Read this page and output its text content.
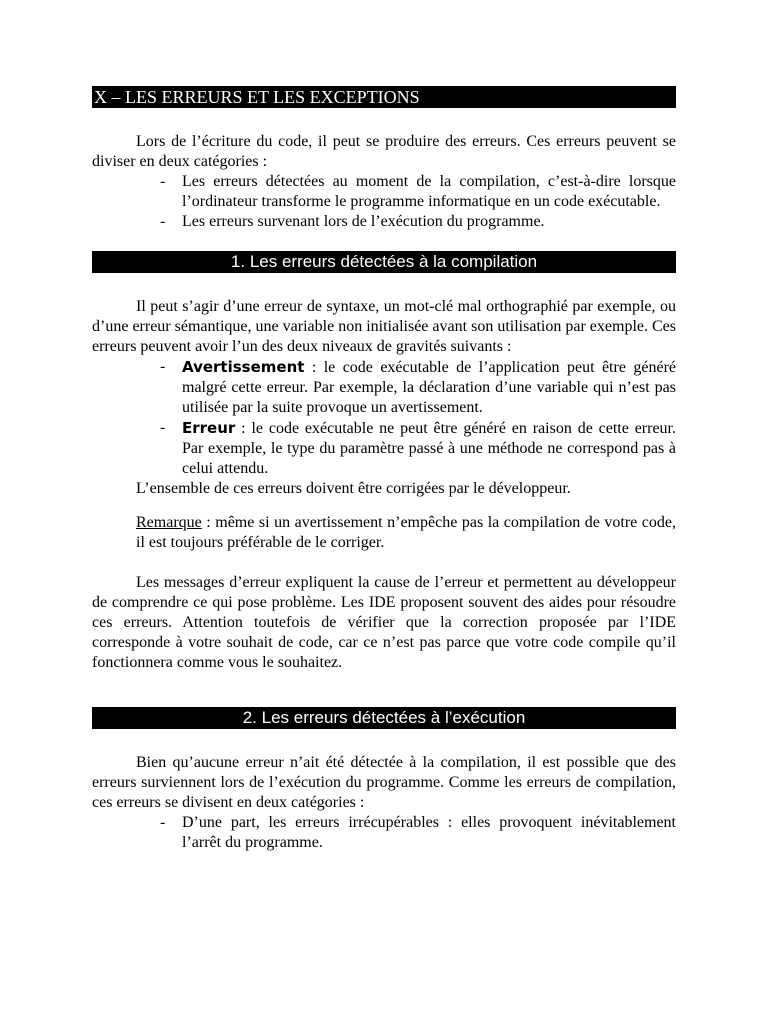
X – LES ERREURS ET LES EXCEPTIONS

Lors de l’écriture du code, il peut se produire des erreurs. Ces erreurs peuvent se diviser en deux catégories :

- Les erreurs détectées au moment de la compilation, c’est-à-dire lorsque l’ordinateur transforme le programme informatique en un code exécutable.
- Les erreurs survenant lors de l’exécution du programme.
1. Les erreurs détectées à la compilation

Il peut s’agir d’une erreur de syntaxe, un mot-clé mal orthographié par exemple, ou d’une erreur sémantique, une variable non initialisée avant son utilisation par exemple. Ces erreurs peuvent avoir l’un des deux niveaux de gravités suivants :

- Avertissement : le code exécutable de l’application peut être généré malgré cette erreur. Par exemple, la déclaration d’une variable qui n’est pas utilisée par la suite provoque un avertissement.
- Erreur : le code exécutable ne peut être généré en raison de cette erreur. Par exemple, le type du paramètre passé à une méthode ne correspond pas à celui attendu.

L’ensemble de ces erreurs doivent être corrigées par le développeur.

Remarque : même si un avertissement n’empêche pas la compilation de votre code, il est toujours préférable de le corriger.

Les messages d’erreur expliquent la cause de l’erreur et permettent au développeur de comprendre ce qui pose problème. Les IDE proposent souvent des aides pour résoudre ces erreurs. Attention toutefois de vérifier que la correction proposée par l’IDE corresponde à votre souhait de code, car ce n’est pas parce que votre code compile qu’il fonctionnera comme vous le souhaitez.

2. Les erreurs détectées à l’exécution

Bien qu’aucune erreur n’ait été détectée à la compilation, il est possible que des erreurs surviennent lors de l’exécution du programme. Comme les erreurs de compilation, ces erreurs se divisent en deux catégories :

- D’une part, les erreurs irrécupérables : elles provoquent inévitablement l’arrêt du programme.
